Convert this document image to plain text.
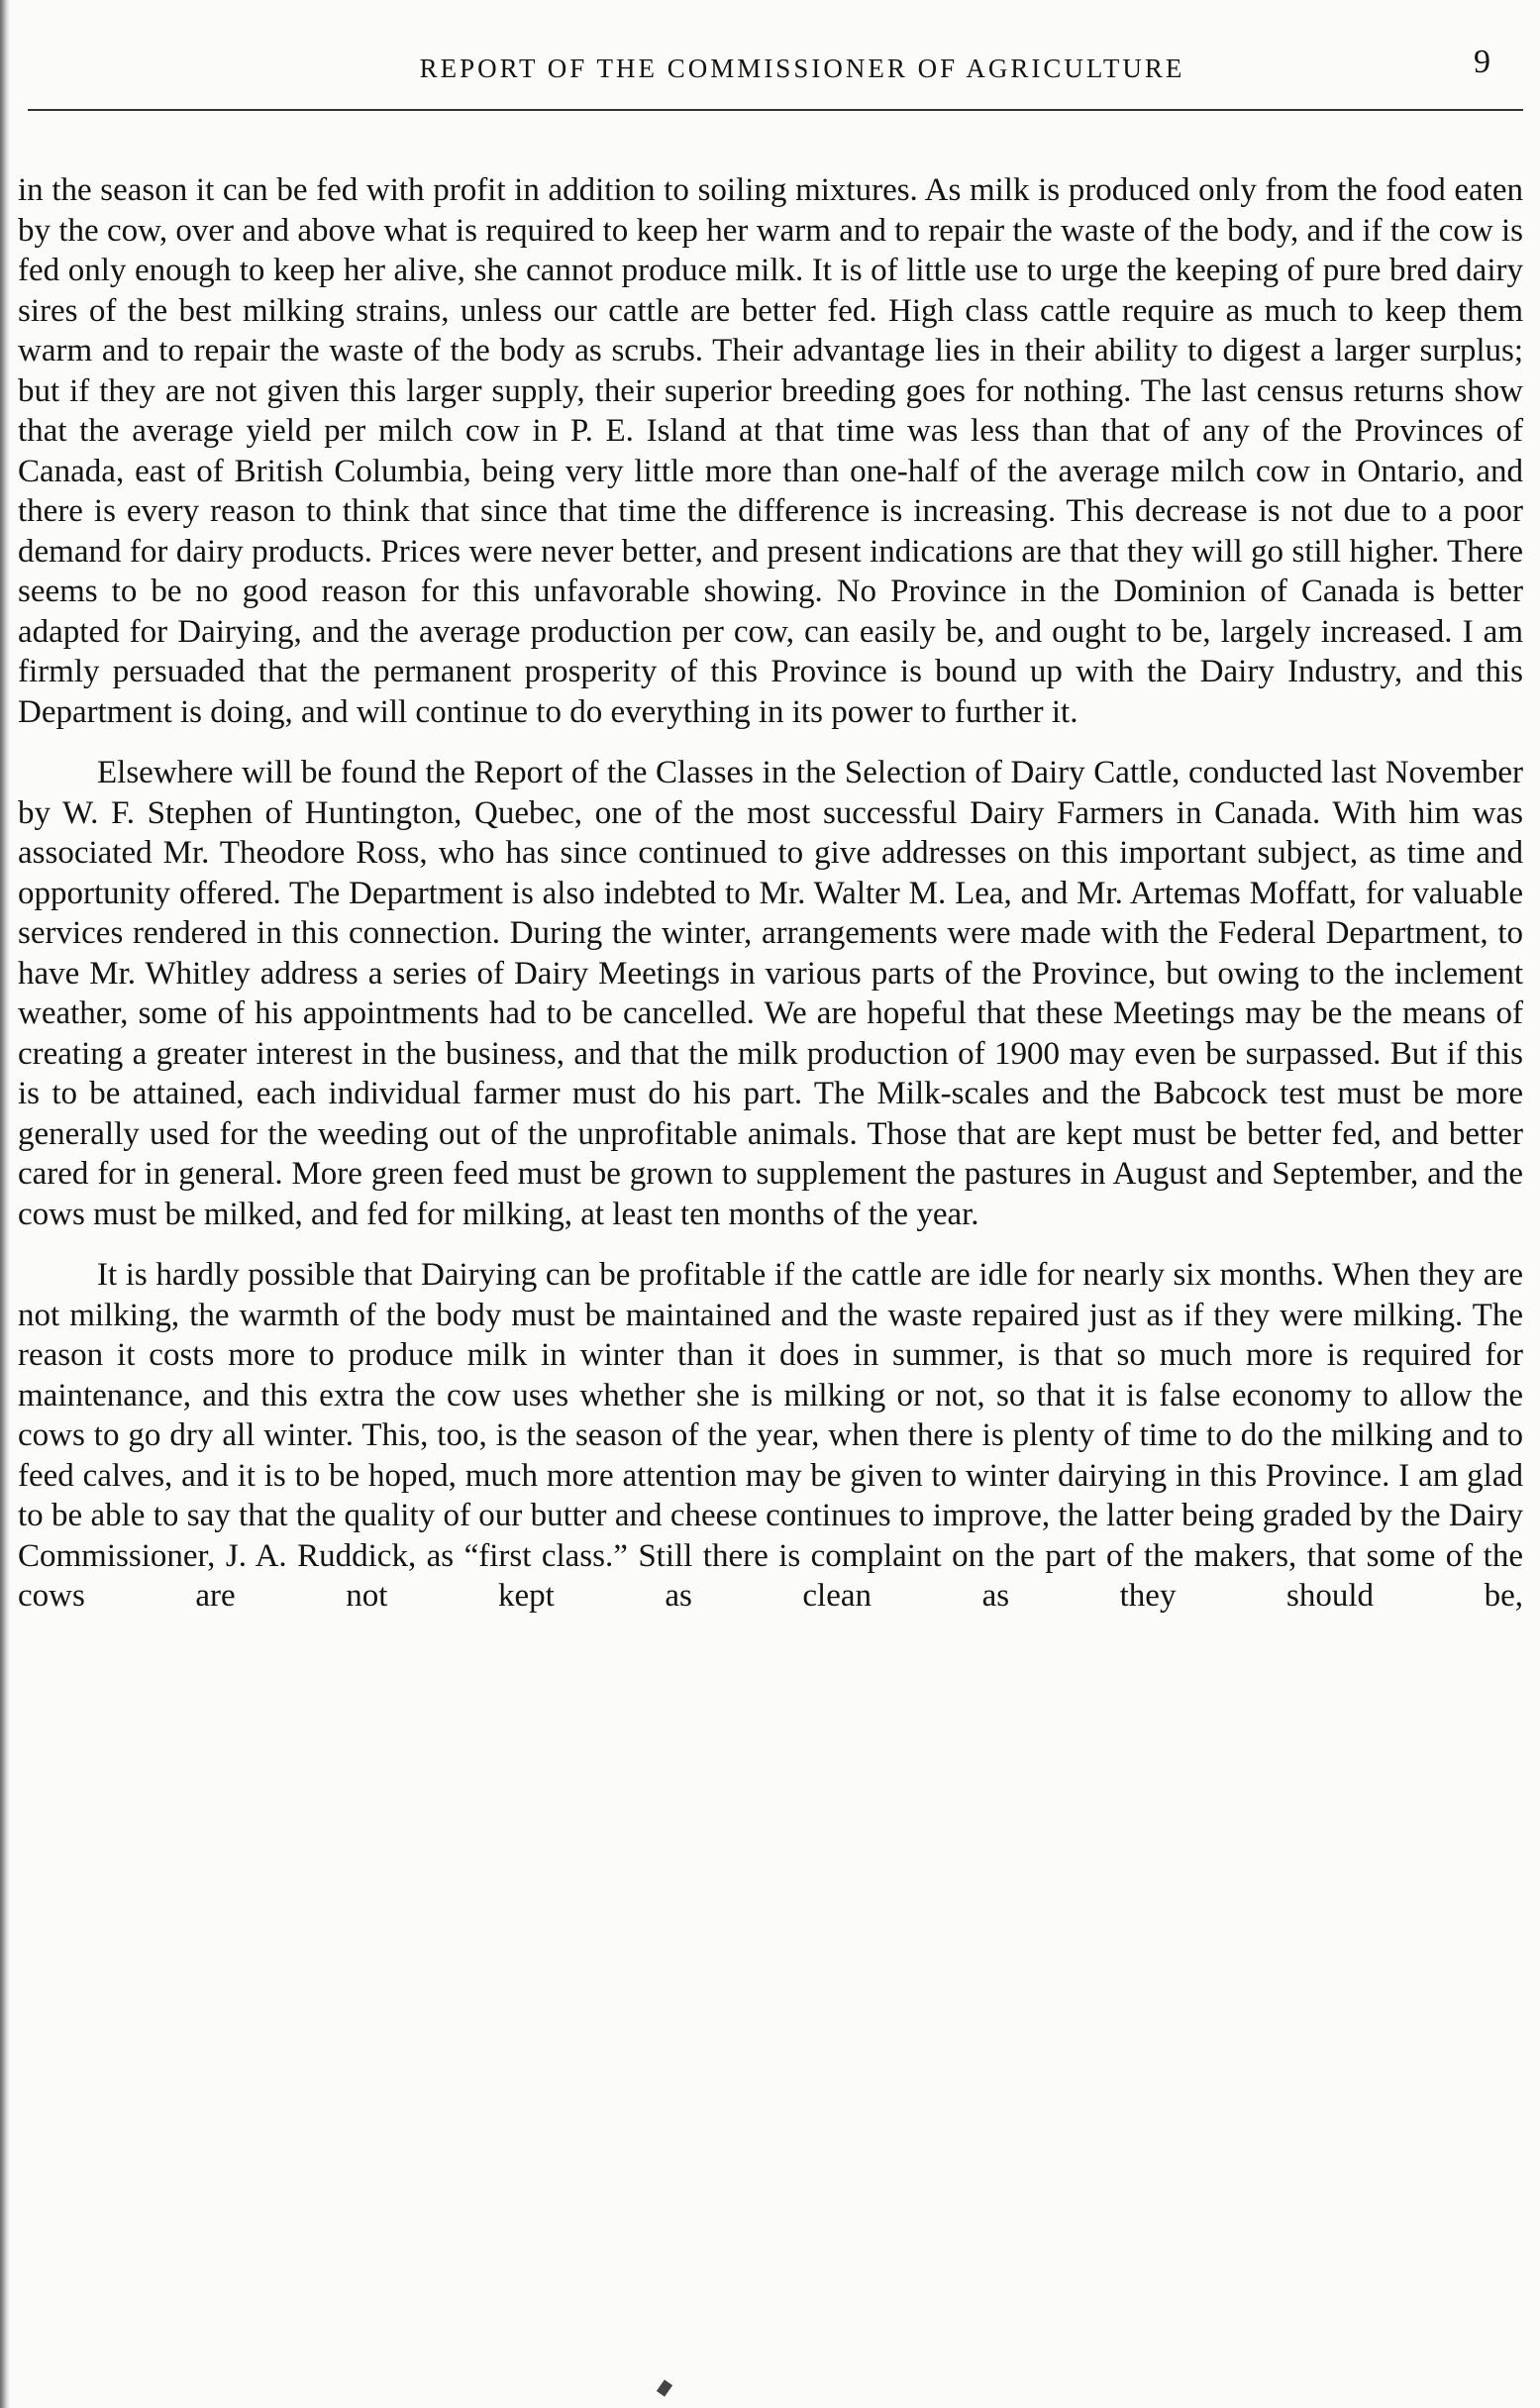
REPORT OF THE COMMISSIONER OF AGRICULTURE	9

in the season it can be fed with profit in addition to soiling mixtures. As milk is produced only from the food eaten by the cow, over and above what is required to keep her warm and to repair the waste of the body, and if the cow is fed only enough to keep her alive, she cannot produce milk. It is of little use to urge the keeping of pure bred dairy sires of the best milking strains, unless our cattle are better fed. High class cattle require as much to keep them warm and to repair the waste of the body as scrubs. Their advantage lies in their ability to digest a larger surplus; but if they are not given this larger supply, their superior breeding goes for nothing. The last census returns show that the average yield per milch cow in P. E. Island at that time was less than that of any of the Provinces of Canada, east of British Columbia, being very little more than one-half of the average milch cow in Ontario, and there is every reason to think that since that time the difference is increasing. This decrease is not due to a poor demand for dairy products. Prices were never better, and present indications are that they will go still higher. There seems to be no good reason for this unfavorable showing. No Province in the Dominion of Canada is better adapted for Dairying, and the average production per cow, can easily be, and ought to be, largely increased. I am firmly persuaded that the permanent prosperity of this Province is bound up with the Dairy Industry, and this Department is doing, and will continue to do everything in its power to further it.

Elsewhere will be found the Report of the Classes in the Selection of Dairy Cattle, conducted last November by W. F. Stephen of Huntington, Quebec, one of the most successful Dairy Farmers in Canada. With him was associated Mr. Theodore Ross, who has since continued to give addresses on this important subject, as time and opportunity offered. The Department is also indebted to Mr. Walter M. Lea, and Mr. Artemas Moffatt, for valuable services rendered in this connection. During the winter, arrangements were made with the Federal Department, to have Mr. Whitley address a series of Dairy Meetings in various parts of the Province, but owing to the inclement weather, some of his appointments had to be cancelled. We are hopeful that these Meetings may be the means of creating a greater interest in the business, and that the milk production of 1900 may even be surpassed. But if this is to be attained, each individual farmer must do his part. The Milk-scales and the Babcock test must be more generally used for the weeding out of the unprofitable animals. Those that are kept must be better fed, and better cared for in general. More green feed must be grown to supplement the pastures in August and September, and the cows must be milked, and fed for milking, at least ten months of the year.

It is hardly possible that Dairying can be profitable if the cattle are idle for nearly six months. When they are not milking, the warmth of the body must be maintained and the waste repaired just as if they were milking. The reason it costs more to produce milk in winter than it does in summer, is that so much more is required for maintenance, and this extra the cow uses whether she is milking or not, so that it is false economy to allow the cows to go dry all winter. This, too, is the season of the year, when there is plenty of time to do the milking and to feed calves, and it is to be hoped, much more attention may be given to winter dairying in this Province. I am glad to be able to say that the quality of our butter and cheese continues to improve, the latter being graded by the Dairy Commissioner, J. A. Ruddick, as “first class.” Still there is complaint on the part of the makers, that some of the cows are not kept as clean as they should be,
